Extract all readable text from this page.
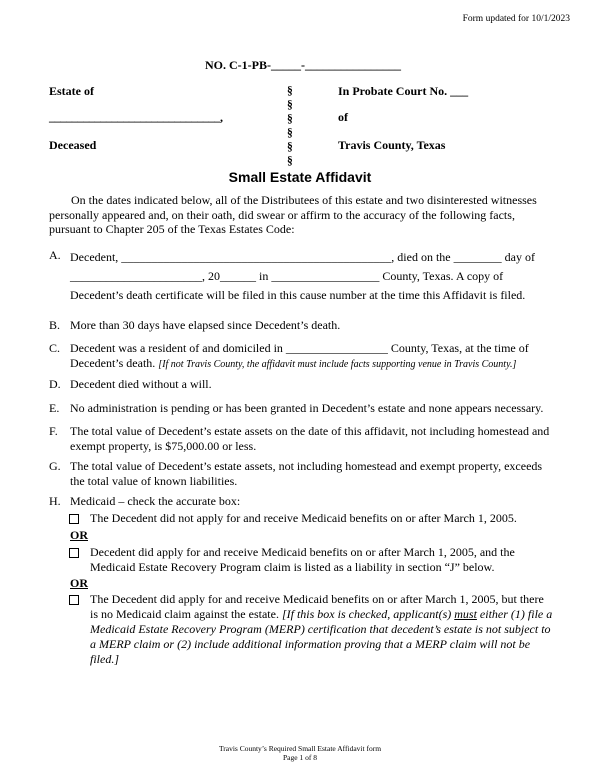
Form updated for 10/1/2023
NO. C-1-PB-_____-________________
Estate of
______________________________,
Deceased
§
§
§
§
§
§
In Probate Court No. ___
of
Travis County, Texas
Small Estate Affidavit
On the dates indicated below, all of the Distributees of this estate and two disinterested witnesses personally appeared and, on their oath, did swear or affirm to the accuracy of the following facts, pursuant to Chapter 205 of the Texas Estates Code:
A. Decedent, _____________________________________________, died on the ________ day of
______________________, 20______ in __________________ County, Texas. A copy of
Decedent’s death certificate will be filed in this cause number at the time this Affidavit is filed.
B. More than 30 days have elapsed since Decedent’s death.
C. Decedent was a resident of and domiciled in _________________ County, Texas, at the time of Decedent’s death. [If not Travis County, the affidavit must include facts supporting venue in Travis County.]
D. Decedent died without a will.
E. No administration is pending or has been granted in Decedent’s estate and none appears necessary.
F. The total value of Decedent’s estate assets on the date of this affidavit, not including homestead and exempt property, is $75,000.00 or less.
G. The total value of Decedent’s estate assets, not including homestead and exempt property, exceeds the total value of known liabilities.
H. Medicaid – check the accurate box:
The Decedent did not apply for and receive Medicaid benefits on or after March 1, 2005.
OR
Decedent did apply for and receive Medicaid benefits on or after March 1, 2005, and the Medicaid Estate Recovery Program claim is listed as a liability in section “J” below.
OR
The Decedent did apply for and receive Medicaid benefits on or after March 1, 2005, but there is no Medicaid claim against the estate. [If this box is checked, applicant(s) must either (1) file a Medicaid Estate Recovery Program (MERP) certification that decedent’s estate is not subject to a MERP claim or (2) include additional information proving that a MERP claim will not be filed.]
Travis County’s Required Small Estate Affidavit form
Page 1 of 8
